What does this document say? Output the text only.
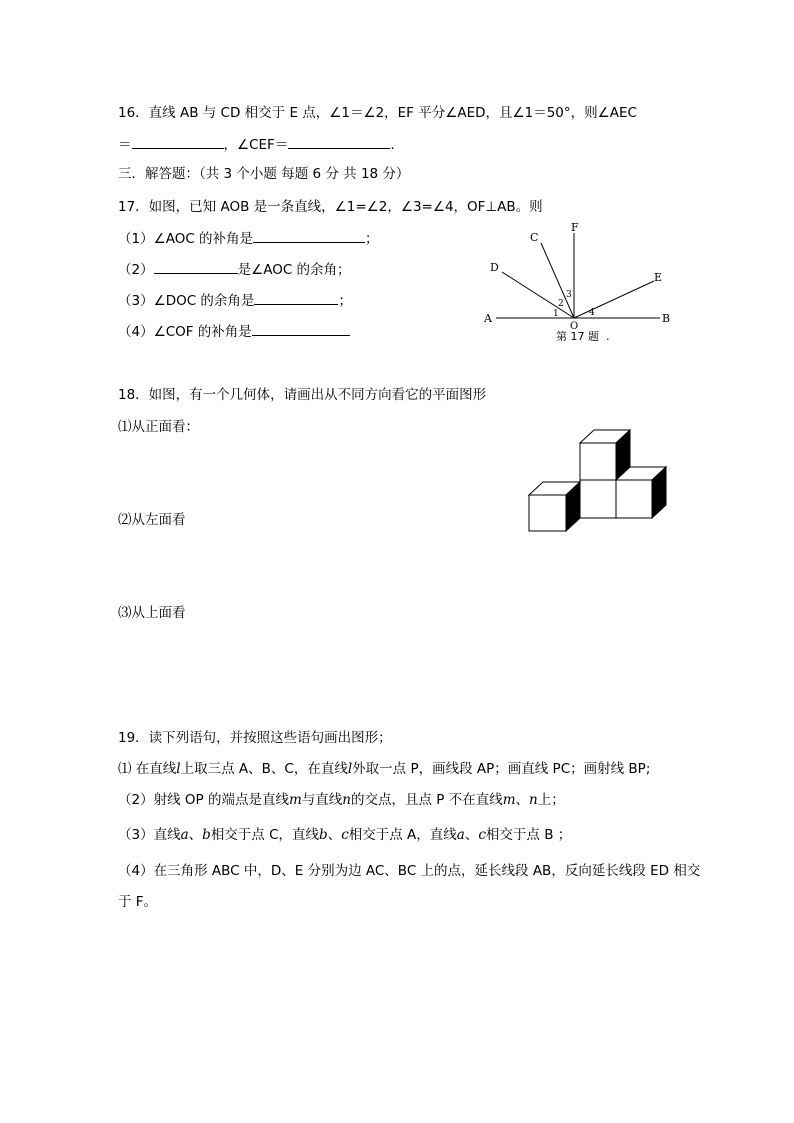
16．直线 AB 与 CD 相交于 E 点，∠1＝∠2，EF 平分∠AED，且∠1＝50°，则∠AEC
＝	，∠CEF＝	.
三．解答题：（共 3 个小题 每题 6 分 共 18 分）
17．如图，已知 AOB 是一条直线，∠1=∠2，∠3=∠4，OF⊥AB。则
（1）∠AOC 的补角是	；
（2）	是∠AOC 的余角；
（3）∠DOC 的余角是	；
（4）∠COF 的补角是
F
C
D
E
A	B
O
1
2
3
4
第 17 题 .
18．如图，有一个几何体，请画出从不同方向看它的平面图形
⑴从正面看：
⑵从左面看
⑶从上面看
19．读下列语句，并按照这些语句画出图形；
⑴ 在直线l上取三点 A、B、C，在直线l外取一点 P，画线段 AP；画直线 PC；画射线 BP;
（2）射线 OP 的端点是直线m与直线n的交点，且点 P 不在直线m、n上；
（3）直线a、b相交于点 C，直线b、c相交于点 A，直线a、c相交于点 B ；
（4）在三角形 ABC 中，D、E 分别为边 AC、BC 上的点，延长线段 AB，反向延长线段 ED 相交
于 F。
